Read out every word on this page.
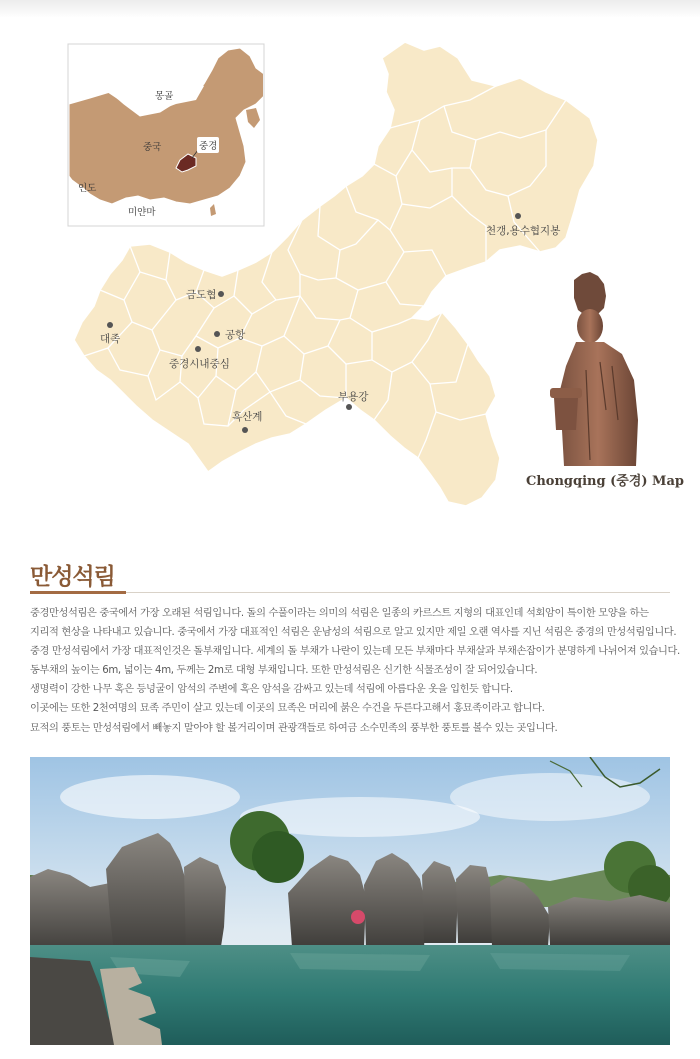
몽골
중국	중경
인도
미얀마
천갱,용수협지봉
금도협
대족	공항
중경시내중심
부용강
흑산계
Chongqing (중경) Map
만성석림

중경만성석림은 중국에서 가장 오래된 석림입니다. 돌의 수풀이라는 의미의 석림은 일종의 카르스트 지형의 대표인데 석회암이 특이한 모양을 하는

지리적 현상을 나타내고 있습니다. 중국에서 가장 대표적인 석림은 운남성의 석림으로 알고 있지만 제일 오랜 역사를 지닌 석림은 중경의 만성석림입니다.

중경 만성석림에서 가장 대표적인것은 돌부채입니다. 세계의 돌 부채가 나란이 있는데 모든 부채마다 부채살과 부채손잡이가 분명하게 나뉘어져 있습니다.

동부채의 높이는 6m, 넓이는 4m, 두께는 2m로 대형 부채입니다. 또한 만성석림은 신기한 식물조성이 잘 되어있습니다.

생명력이 강한 나무 혹은 등넝굴이 암석의 주변에 혹은 암석을 감싸고 있는데 석림에 아름다운 옷을 입힌듯 합니다.

이곳에는 또한 2천여명의 묘족 주민이 살고 있는데 이곳의 묘족은 머리에 붉은 수건을 두른다고해서 홍묘족이라고 합니다.

묘적의 풍토는 만성석림에서 빼놓지 말아야 할 볼거리이며 관광객들로 하여금 소수민족의 풍부한 풍토를 볼수 있는 곳입니다.
